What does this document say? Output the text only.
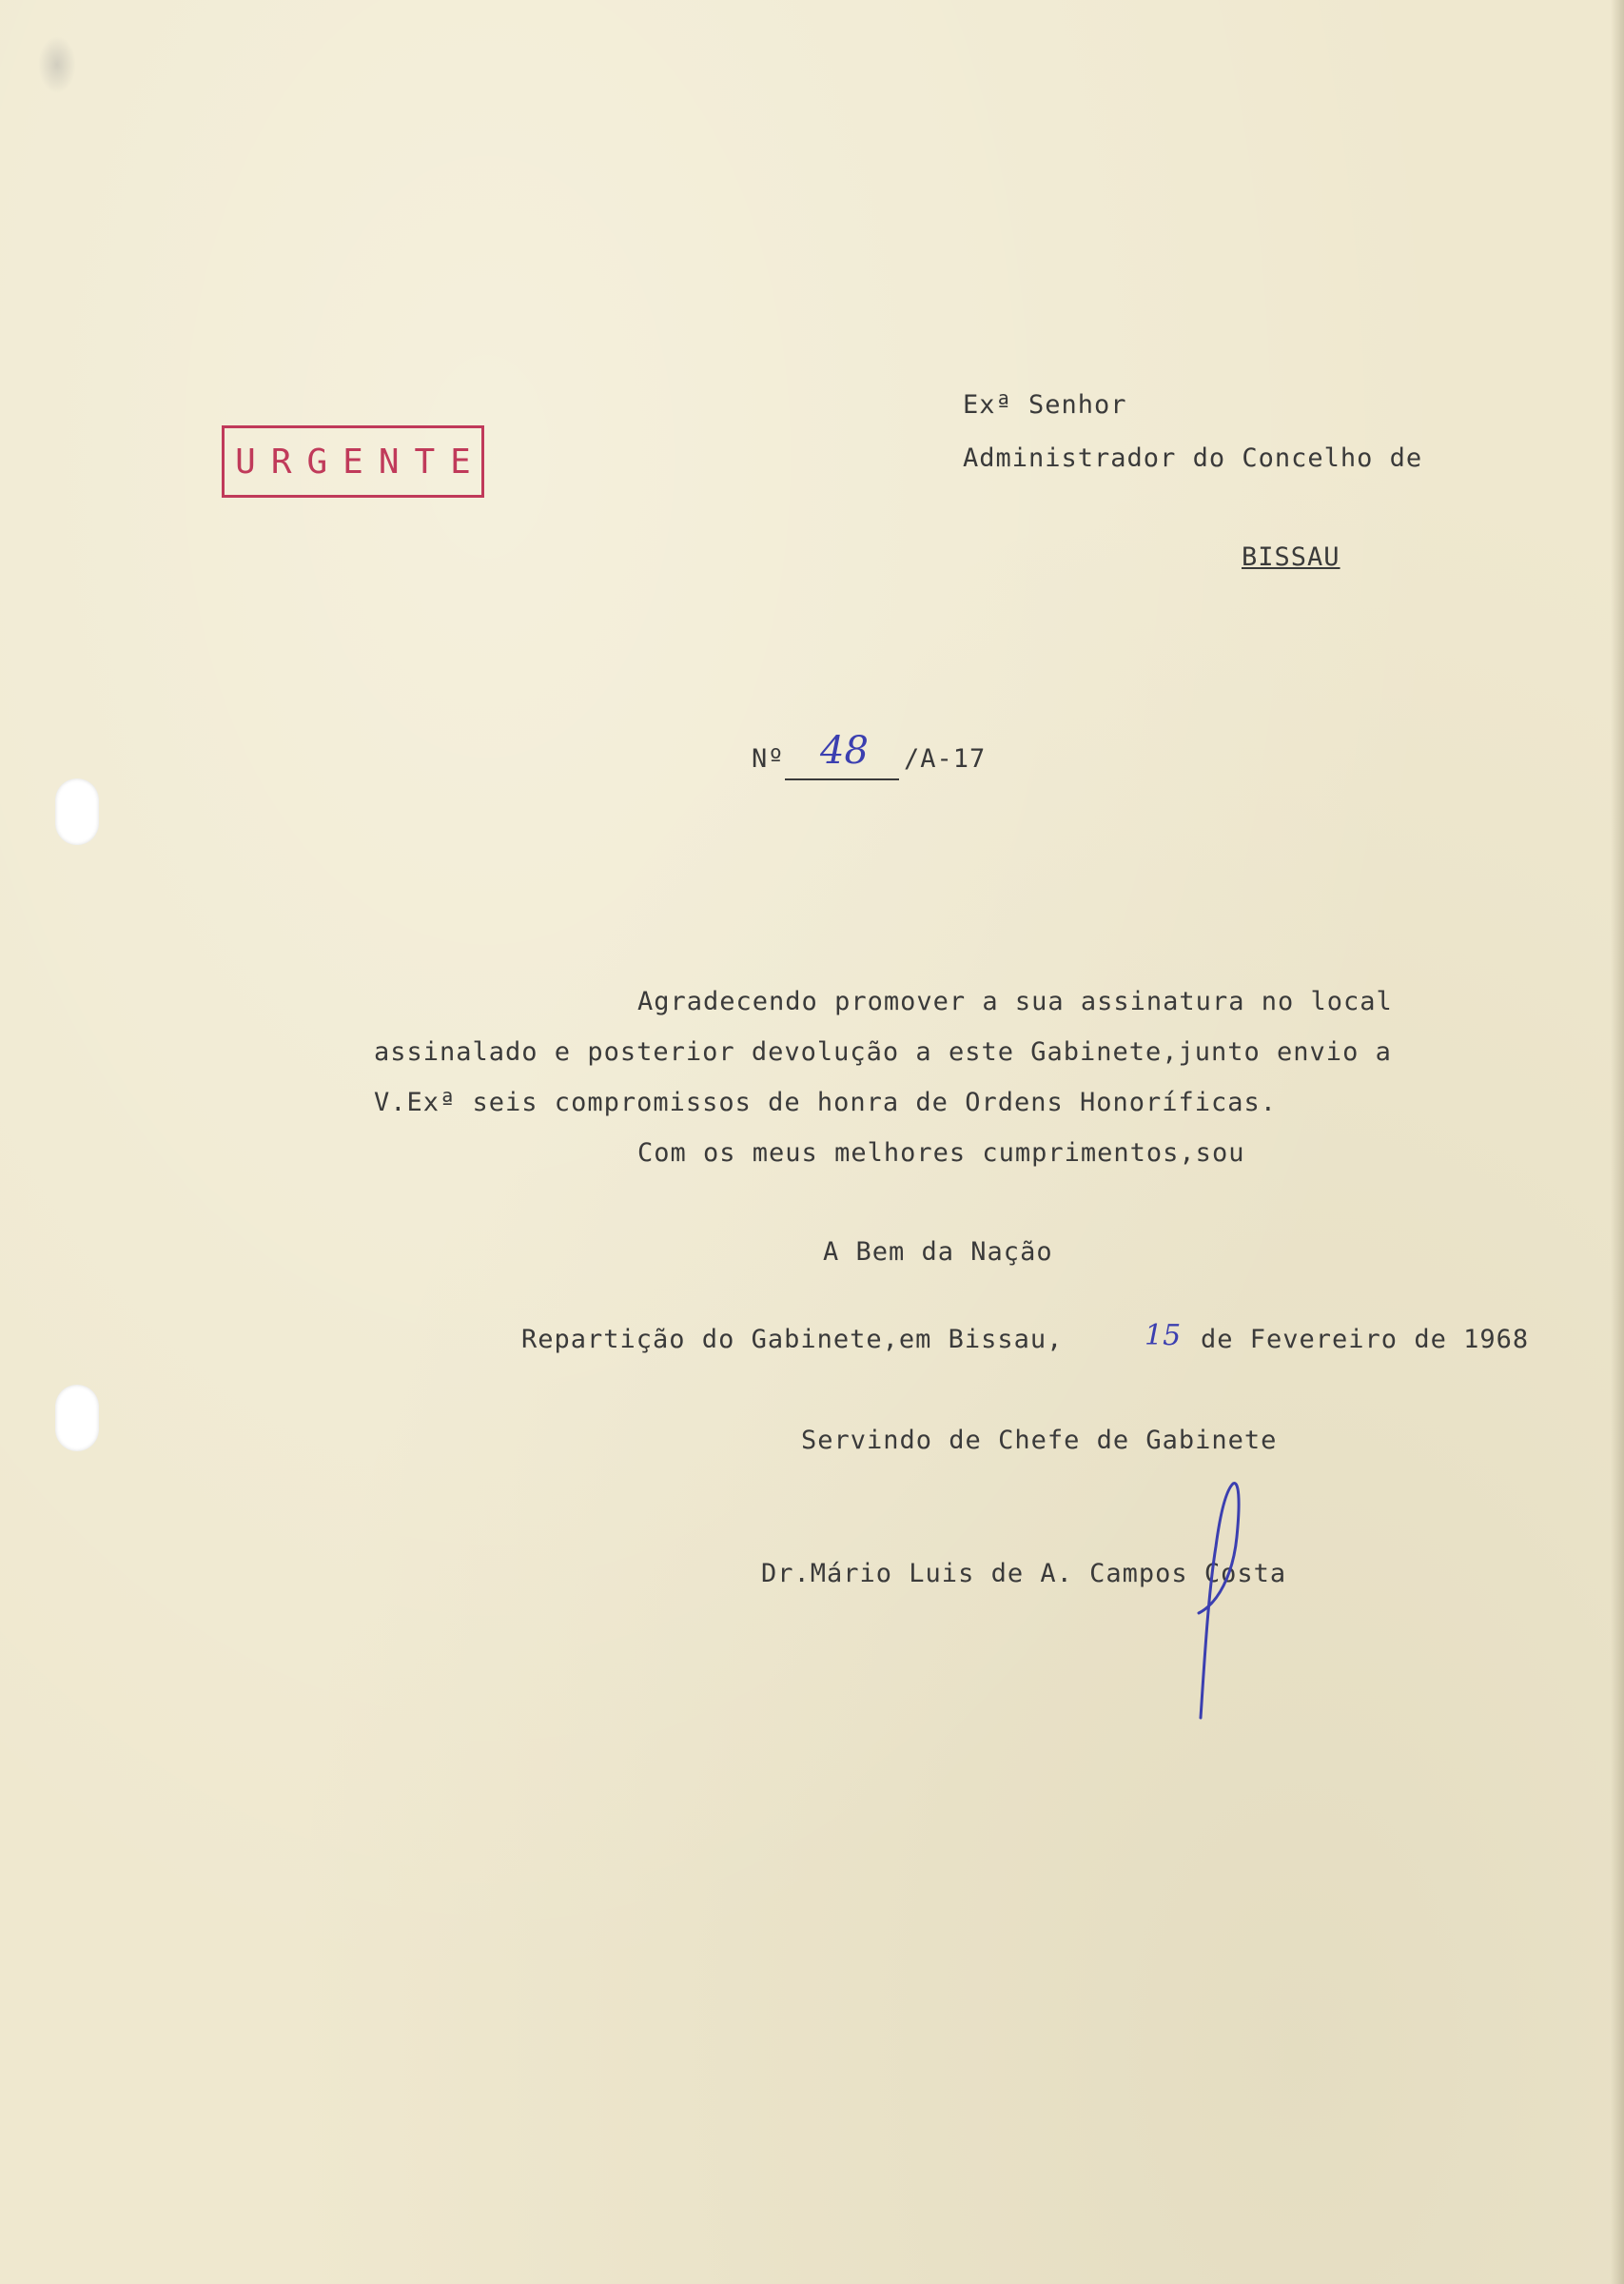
URGENTE
Exª Senhor
Administrador do Concelho de
BISSAU
Nº 48 /A-17
Agradecendo promover a sua assinatura no local
assinalado e posterior devolução a este Gabinete,junto envio a
V.Exª seis compromissos de honra de Ordens Honoríficas.
Com os meus melhores cumprimentos,sou
A Bem da Nação
Repartição do Gabinete,em Bissau,	15 de Fevereiro de 1968
Servindo de Chefe de Gabinete
Dr.Mário Luis de A. Campos Costa
